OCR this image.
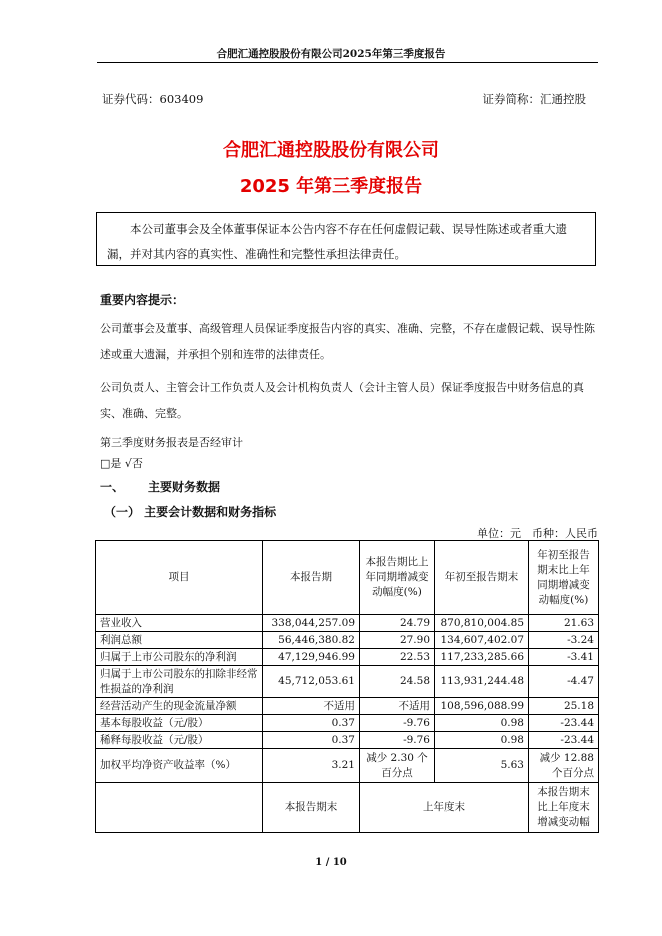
合肥汇通控股股份有限公司2025年第三季度报告
证券代码：603409	证券简称：汇通控股
合肥汇通控股股份有限公司
2025 年第三季度报告

本公司董事会及全体董事保证本公告内容不存在任何虚假记载、误导性陈述或者重大遗漏，并对其内容的真实性、准确性和完整性承担法律责任。

重要内容提示：
公司董事会及董事、高级管理人员保证季度报告内容的真实、准确、完整，不存在虚假记载、误导性陈述或重大遗漏，并承担个别和连带的法律责任。
公司负责人、主管会计工作负责人及会计机构负责人（会计主管人员）保证季度报告中财务信息的真实、准确、完整。
第三季度财务报表是否经审计
□是 √否
一、 主要财务数据
（一） 主要会计数据和财务指标
单位：元　币种：人民币
项目	本报告期	本报告期比上年同期增减变动幅度(%)	年初至报告期末	年初至报告期末比上年同期增减变动幅度(%)
营业收入	338,044,257.09	24.79	870,810,004.85	21.63
利润总额	56,446,380.82	27.90	134,607,402.07	-3.24
归属于上市公司股东的净利润	47,129,946.99	22.53	117,233,285.66	-3.41
归属于上市公司股东的扣除非经常性损益的净利润	45,712,053.61	24.58	113,931,244.48	-4.47
经营活动产生的现金流量净额	不适用	不适用	108,596,088.99	25.18
基本每股收益（元/股）	0.37	-9.76	0.98	-23.44
稀释每股收益（元/股）	0.37	-9.76	0.98	-23.44
加权平均净资产收益率（%）	3.21	减少 2.30 个百分点	5.63	减少 12.88 个百分点
	本报告期末	上年度末		本报告期末比上年度末增减变动幅
1 / 10
